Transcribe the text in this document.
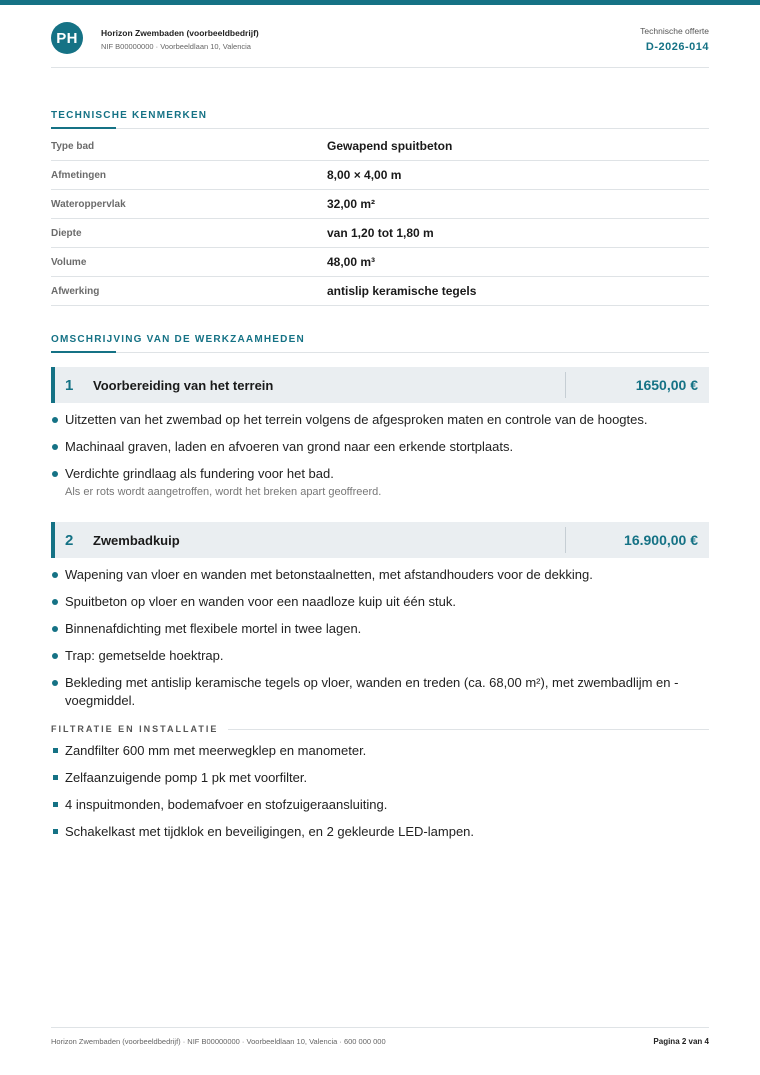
PH	Horizon Zwembaden (voorbeeldbedrijf)
NIF B00000000 · Voorbeeldlaan 10, Valencia
Technische offerte
D-2026-014
TECHNISCHE KENMERKEN
Type bad	Gewapend spuitbeton
Afmetingen	8,00 × 4,00 m
Wateroppervlak	32,00 m²
Diepte	van 1,20 tot 1,80 m
Volume	48,00 m³
Afwerking	antislip keramische tegels
OMSCHRIJVING VAN DE WERKZAAMHEDEN
1	Voorbereiding van het terrein	1650,00 €
Uitzetten van het zwembad op het terrein volgens de afgesproken maten en controle van de hoogtes.
Machinaal graven, laden en afvoeren van grond naar een erkende stortplaats.
Verdichte grindlaag als fundering voor het bad.
Als er rots wordt aangetroffen, wordt het breken apart geoffreerd.
2	Zwembadkuip	16.900,00 €
Wapening van vloer en wanden met betonstaalnetten, met afstandhouders voor de dekking.
Spuitbeton op vloer en wanden voor een naadloze kuip uit één stuk.
Binnenafdichting met flexibele mortel in twee lagen.
Trap: gemetselde hoektrap.
Bekleding met antislip keramische tegels op vloer, wanden en treden (ca. 68,00 m²), met zwembadlijm en -voegmiddel.
FILTRATIE EN INSTALLATIE
Zandfilter 600 mm met meerwegklep en manometer.
Zelfaanzuigende pomp 1 pk met voorfilter.
4 inspuitmonden, bodemafvoer en stofzuigeraansluiting.
Schakelkast met tijdklok en beveiligingen, en 2 gekleurde LED-lampen.
Horizon Zwembaden (voorbeeldbedrijf) · NIF B00000000 · Voorbeeldlaan 10, Valencia · 600 000 000	Pagina 2 van 4
